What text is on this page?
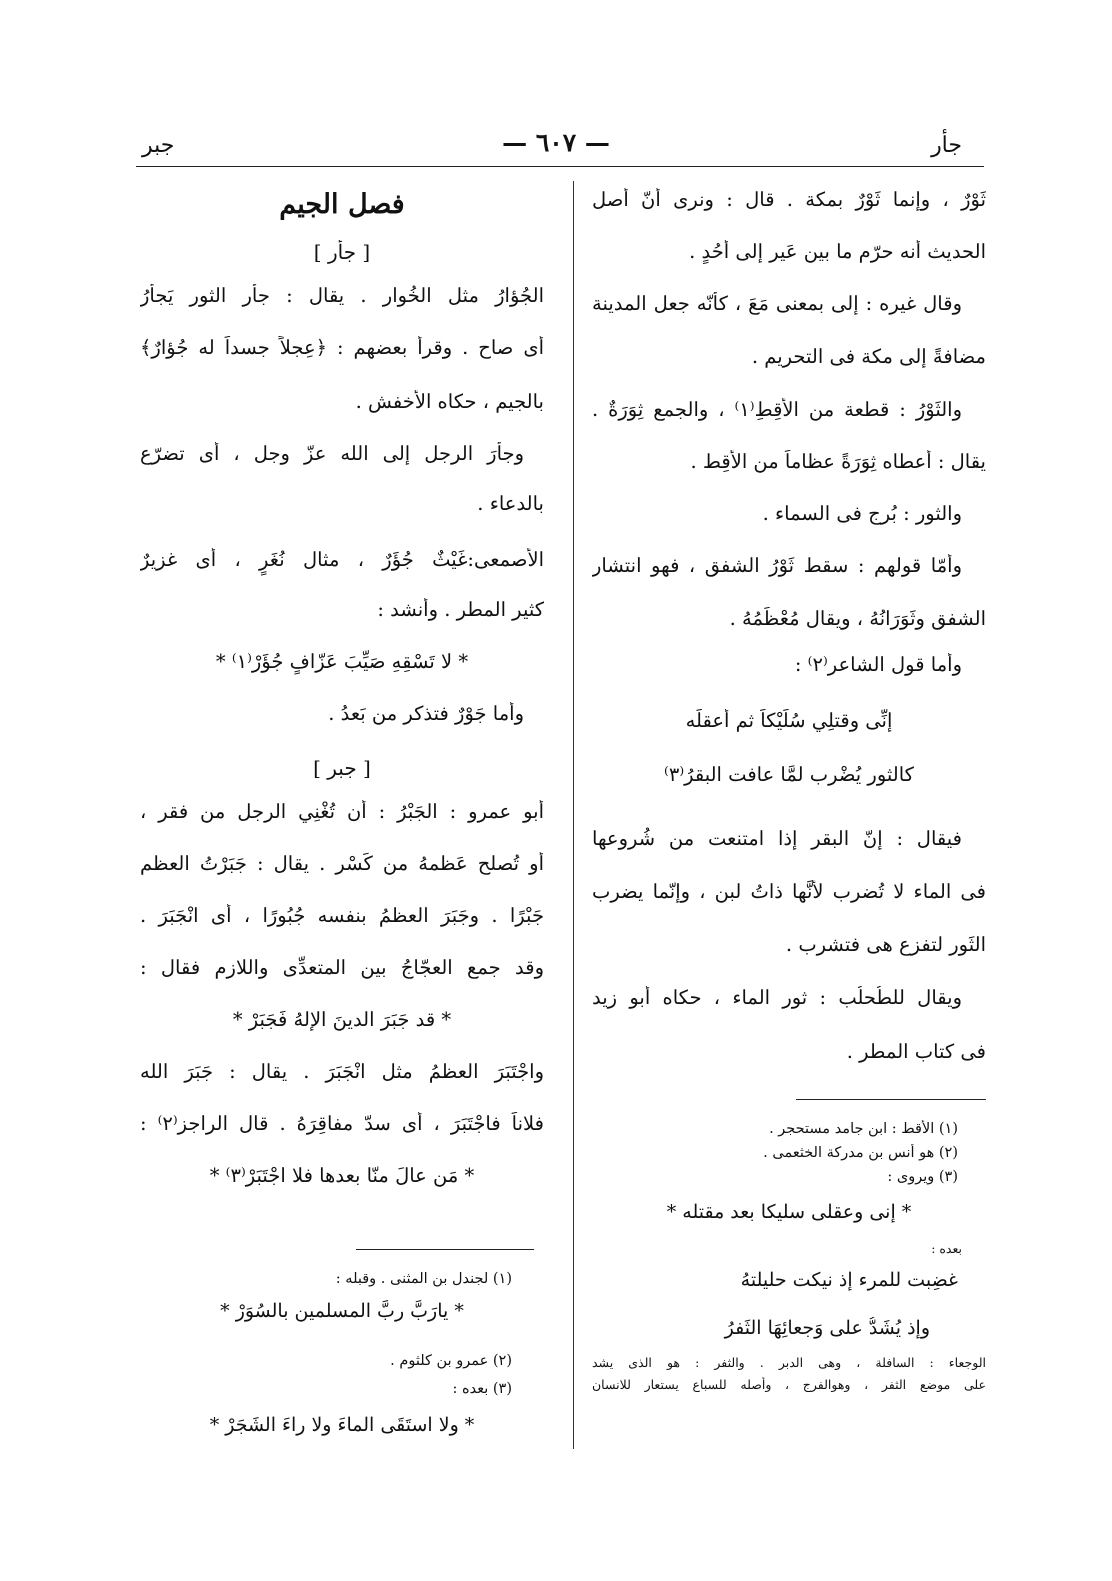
جأر
— ٦٠٧ —
جبر

ثَوْرٌ ، وإنما ثَوْرٌ بمكة . قال : ونرى أنّ أصل

الحديث أنه حرّم ما بين عَير إلى أُحُدٍ .

وقال غيره : إلى بمعنى مَعَ ، كأنّه جعل المدينة

مضافةً إلى مكة فى التحريم .

والثَوْرُ : قطعة من الأَقِطِ⁽١⁾ ، والجمع ثِوَرَةٌ .

يقال : أعطاه ثِوَرَةً عظاماً من الأقِط .

والثور : بُرج فى السماء .

وأمّا قولهم : سقط ثَوْرُ الشفق ، فهو انتشار

الشفق وثَوَرَانُهُ ، ويقال مُعْظَمُهُ .

وأما قول الشاعر⁽٢⁾ :

إنِّى وقتلِي سُلَيْكاً ثم أعقلَه

كالثور يُضْرب لمَّا عافت البقرُ⁽٣⁾

فيقال : إنّ البقر إذا امتنعت من شُروعها

فى الماء لا تُضرب لأنَّها ذاتُ لبن ، وإنّما يضرب

الثَور لتفزع هى فتشرب .

ويقال للطُحلُب : ثور الماء ، حكاه أبو زيد

فى كتاب المطر .

(١) الأقط : ابن جامد مستحجر .

(٢) هو أنس بن مدركة الخثعمى .

(٣) ويروى :

* إنى وعقلى سليكا بعد مقتله *

بعده :

غضِبت للمرء إذ نيكت حليلتهُ

وإذ يُشَدُّ على وَجعائِهَا الثَفرُ

الوجعاء : السافلة ، وهى الدبر . والثفر : هو الذى يشد

على موضع الثفر ، وهوالفرج ، وأصله للسباع يستعار للانسان

فصل الجيم

[ جأر ]

الجُؤارُ مثل الخُوار . يقال : جأر الثور يَجأَرُ

أى صاح . وقرأ بعضهم : ﴿عِجلاً جسداً له جُؤارٌ﴾

بالجيم ، حكاه الأخفش .

وجأَرَ الرجل إلى الله عزّ وجل ، أى تضرّع

بالدعاء .

الأصمعى:غَيْثٌ جُؤَرٌ ، مثال نُغَرٍ ، أى غزيرٌ

كثير المطر . وأنشد :

* لا تَسْقِهِ صَيِّبَ عَزّافٍ جُؤَرْ⁽١⁾ *

وأما جَوْرٌ فتذكر من بَعدُ .

[ جبر ]

أبو عمرو : الجَبْرُ : أن تُغْنِي الرجل من فقر ،

أو تُصلح عَظمهُ من كَسْر . يقال : جَبَرْتُ العظم

جَبْرًا . وجَبَرَ العظمُ بنفسه جُبُورًا ، أى انْجَبَرَ .

وقد جمع العجّاجُ بين المتعدِّى واللازم فقال :

* قد جَبَرَ الدينَ الإلهُ فَجَبَرْ *

واجْتَبَرَ العظمُ مثل انْجَبَرَ . يقال : جَبَرَ الله

فلاناً فاجْتَبَرَ ، أى سدّ مفاقِرَهُ . قال الراجز⁽٢⁾ :

* مَن عالَ منّا بعدها فلا اجْتَبَرْ⁽٣⁾ *

(١) لجندل بن المثنى . وقبله :

* يارَبَّ ربَّ المسلمين بالسُوَرْ *

(٢) عمرو بن كلثوم .

(٣) بعده :

* ولا استَقَى الماءَ ولا راءَ الشَجَرْ *
